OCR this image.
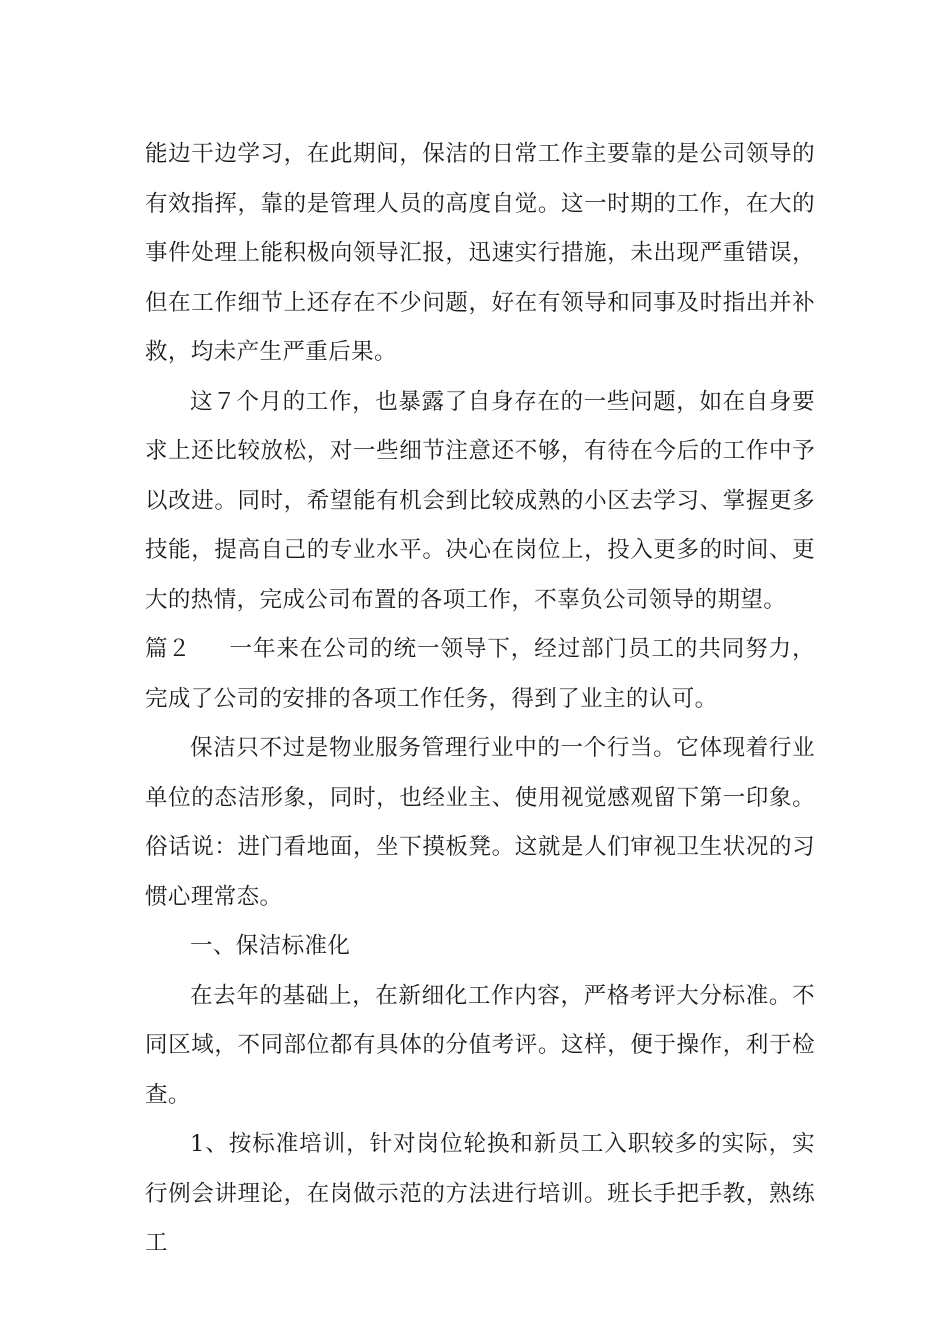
能边干边学习，在此期间，保洁的日常工作主要靠的是公司领导的有效指挥，靠的是管理人员的高度自觉。这一时期的工作，在大的事件处理上能积极向领导汇报，迅速实行措施，未出现严重错误，但在工作细节上还存在不少问题，好在有领导和同事及时指出并补救，均未产生严重后果。

这７个月的工作，也暴露了自身存在的一些问题，如在自身要求上还比较放松，对一些细节注意还不够，有待在今后的工作中予以改进。同时，希望能有机会到比较成熟的小区去学习、掌握更多技能，提高自己的专业水平。决心在岗位上，投入更多的时间、更大的热情，完成公司布置的各项工作，不辜负公司领导的期望。

篇２ 一年来在公司的统一领导下，经过部门员工的共同努力，完成了公司的安排的各项工作任务，得到了业主的认可。

保洁只不过是物业服务管理行业中的一个行当。它体现着行业单位的态洁形象，同时，也经业主、使用视觉感观留下第一印象。俗话说：进门看地面，坐下摸板凳。这就是人们审视卫生状况的习惯心理常态。

一、保洁标准化

在去年的基础上，在新细化工作内容，严格考评大分标准。不同区域，不同部位都有具体的分值考评。这样，便于操作，利于检查。

1、按标准培训，针对岗位轮换和新员工入职较多的实际，实行例会讲理论，在岗做示范的方法进行培训。班长手把手教，熟练工
